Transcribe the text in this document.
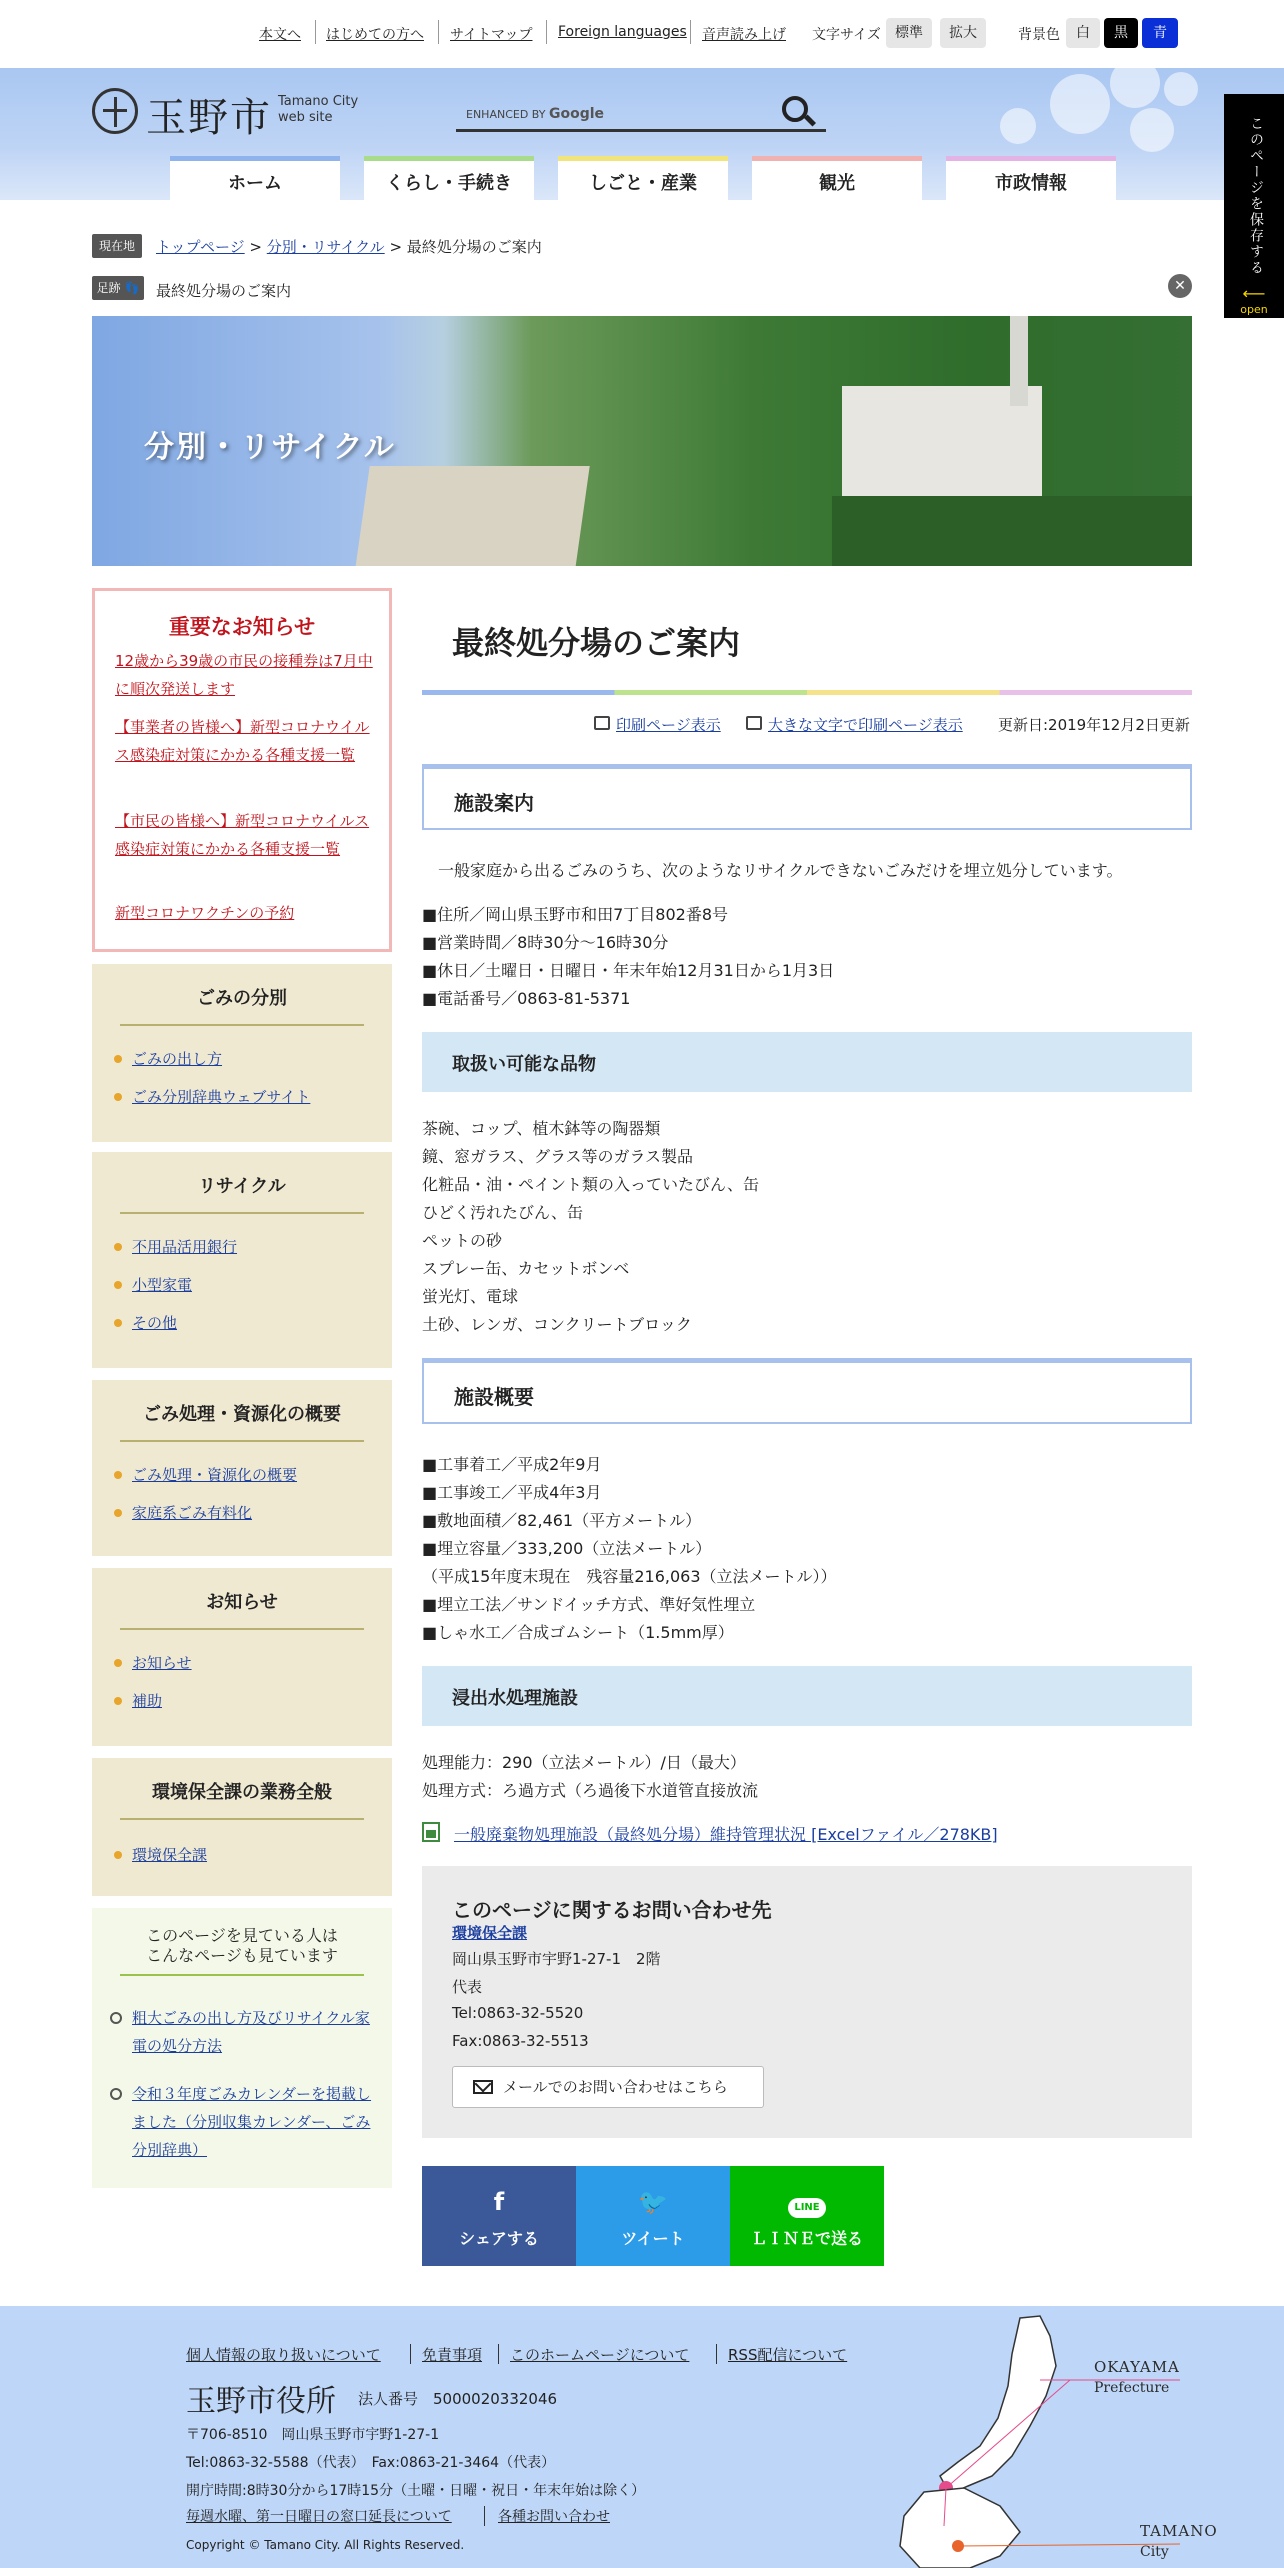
本文へ はじめての方へ サイトマップ Foreign languages 音声読み上げ 文字サイズ	標準	拡大	背景色	白	黒	青
玉野市 Tamano City
web site	ENHANCED BY Google
ホーム	くらし・手続き	しごと・産業	観光	市政情報	このページを保存する
⟵
open
現在地	トップページ > 分別・リサイクル > 最終処分場のご案内
足跡 👣	最終処分場のご案内	✕
分別・リサイクル
重要なお知らせ
12歳から39歳の市民の接種券は7月中に順次発送します
【事業者の皆様へ】新型コロナウイルス感染症対策にかかる各種支援一覧
【市民の皆様へ】新型コロナウイルス感染症対策にかかる各種支援一覧
新型コロナワクチンの予約
ごみの分別
ごみの出し方
ごみ分別辞典ウェブサイト
リサイクル
不用品活用銀行
小型家電
その他
ごみ処理・資源化の概要
ごみ処理・資源化の概要
家庭系ごみ有料化
お知らせ
お知らせ
補助
環境保全課の業務全般
環境保全課
このページを見ている人は
こんなページも見ています
粗大ごみの出し方及びリサイクル家電の処分方法
令和３年度ごみカレンダーを掲載しました（分別収集カレンダー、ごみ分別辞典）
最終処分場のご案内
印刷ページ表示	大きな文字で印刷ページ表示 更新日:2019年12月2日更新
施設案内
一般家庭から出るごみのうち、次のようなリサイクルできないごみだけを埋立処分しています。
■住所／岡山県玉野市和田7丁目802番8号
■営業時間／8時30分～16時30分
■休日／土曜日・日曜日・年末年始12月31日から1月3日
■電話番号／0863-81-5371
取扱い可能な品物
茶碗、コップ、植木鉢等の陶器類
鏡、窓ガラス、グラス等のガラス製品
化粧品・油・ペイント類の入っていたびん、缶
ひどく汚れたびん、缶
ペットの砂
スプレー缶、カセットボンベ
蛍光灯、電球
土砂、レンガ、コンクリートブロック
施設概要
■工事着工／平成2年9月
■工事竣工／平成4年3月
■敷地面積／82,461（平方メートル）
■埋立容量／333,200（立法メートル）
（平成15年度末現在　残容量216,063（立法メートル））
■埋立工法／サンドイッチ方式、準好気性埋立
■しゃ水工／合成ゴムシート（1.5mm厚）
浸出水処理施設
処理能力：290（立法メートル）/日（最大）
処理方式：ろ過方式（ろ過後下水道管直接放流
一般廃棄物処理施設（最終処分場）維持管理状況 [Excelファイル／278KB]
このページに関するお問い合わせ先
環境保全課
岡山県玉野市宇野1-27-1　2階
代表
Tel:0863-32-5520
Fax:0863-32-5513
メールでのお問い合わせはこちら
f
シェアする
🐦
ツイート
LINE
ＬＩＮＥで送る
個人情報の取り扱いについて	免責事項 このホームページについて	RSS配信について
玉野市役所 法人番号　5000020332046
〒706-8510　岡山県玉野市宇野1-27-1
Tel:0863-32-5588（代表）　Fax:0863-21-3464（代表）
開庁時間:8時30分から17時15分（土曜・日曜・祝日・年末年始は除く）
毎週水曜、第一日曜日の窓口延長について	各種お問い合わせ
Copyright © Tamano City. All Rights Reserved.
OKAYAMA
Prefecture
TAMANO
City
